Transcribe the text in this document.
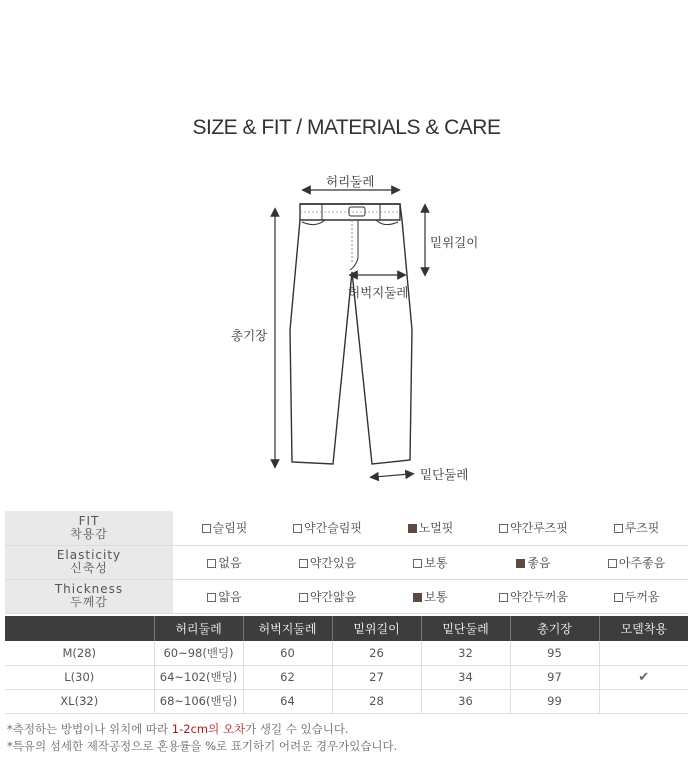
SIZE & FIT / MATERIALS & CARE
허리둘레
밑위길이
허벅지둘레
총기장
밑단둘레
FIT
착용감	슬림핏	약간슬림핏	노멀핏	약간루즈핏	루즈핏

Elasticity
신축성	없음	약간있음	보통	좋음	아주좋음

Thickness
두께감	얇음	약간얇음	보통	약간두꺼움	두꺼움
	허리둘레	허벅지둘레	밑위길이	밑단둘레	총기장	모델착용
M(28)	60~98(밴딩)	60	26	32	95	
L(30)	64~102(밴딩)	62	27	34	97	✔
XL(32)	68~106(밴딩)	64	28	36	99	
*측정하는 방법이나 위치에 따라 1-2cm의 오차가 생길 수 있습니다.
*특유의 섬세한 제작공정으로 혼용률을 %로 표기하기 어려운 경우가있습니다.
